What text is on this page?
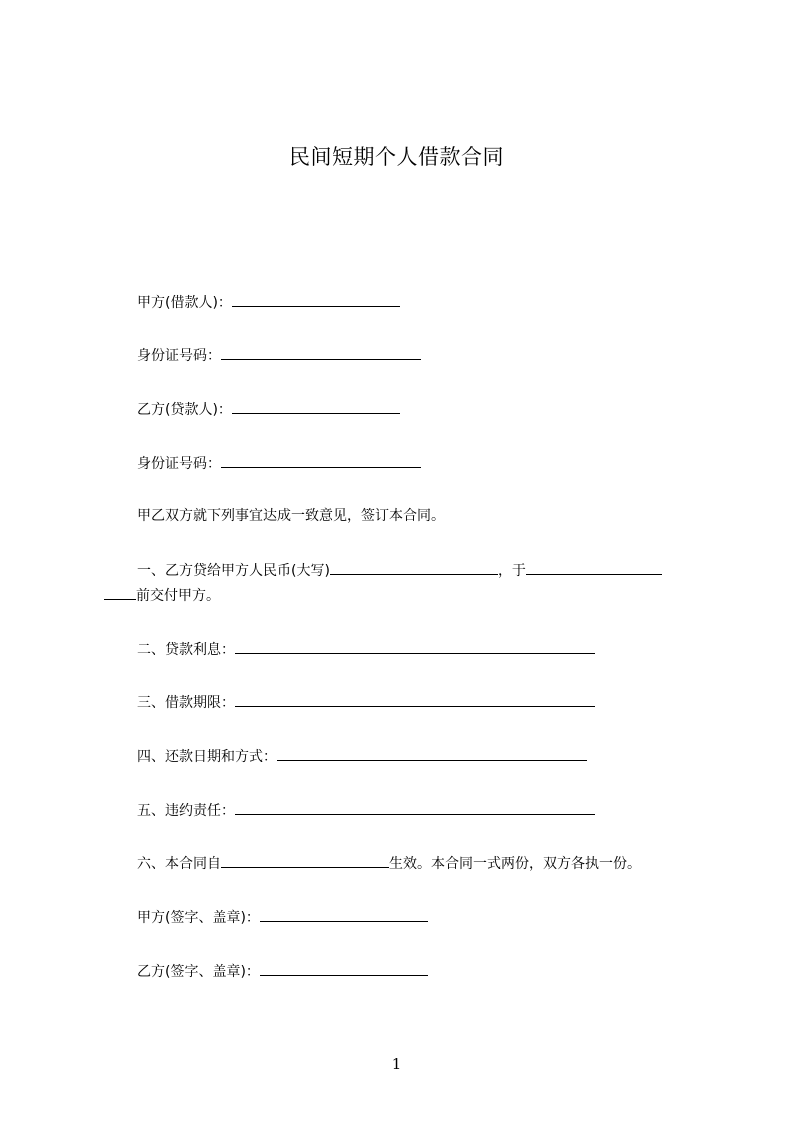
民间短期个人借款合同
甲方(借款人)：
身份证号码：
乙方(贷款人)：
身份证号码：
甲乙双方就下列事宜达成一致意见，签订本合同。
一、乙方贷给甲方人民币(大写)	，于
前交付甲方。
二、贷款利息：
三、借款期限：
四、还款日期和方式：
五、违约责任：
六、本合同自	生效。本合同一式两份，双方各执一份。
甲方(签字、盖章)：
乙方(签字、盖章)：
1
